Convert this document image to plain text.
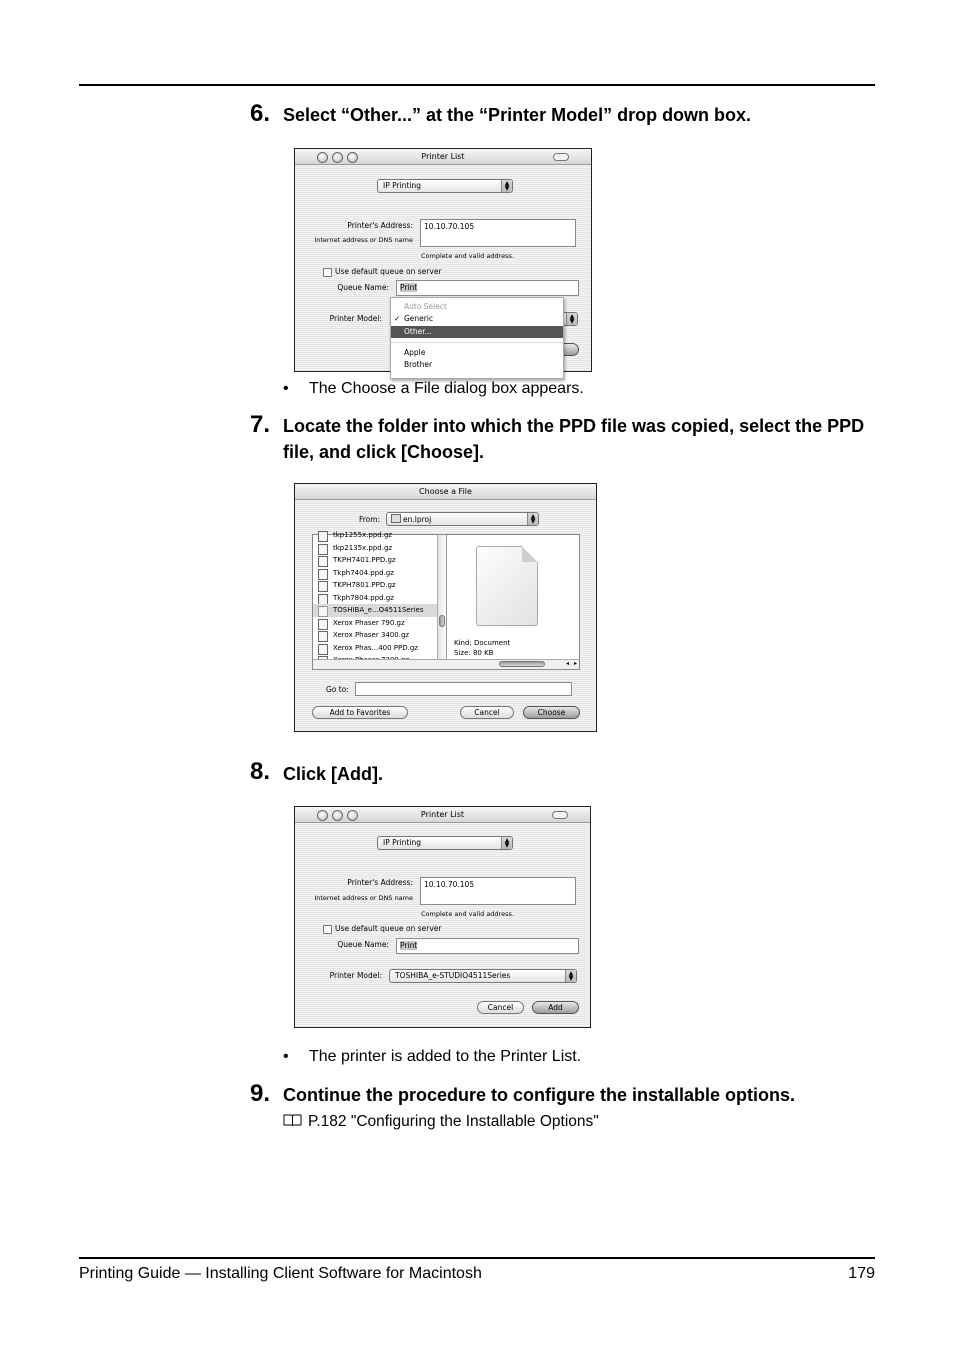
6. Select “Other...” at the “Printer Model” drop down box.
Printer List
IP Printing	▲
▼
Printer's Address:
Internet address or DNS name
10.10.70.105
Complete and valid address.
Use default queue on server
Queue Name: Print
Printer Model:	▲
▼
Auto Select
✓ Generic
Other...
Apple
Brother
• The Choose a File dialog box appears.
7. Locate the folder into which the PPD file was copied, select the PPD file, and click [Choose].
Choose a File
From:	en.lproj	▲
▼
tkp1255x.ppd.gz
tkp2135x.ppd.gz
TKPH7401.PPD.gz
Tkph7404.ppd.gz
TKPH7801.PPD.gz
Tkph7804.ppd.gz
TOSHIBA_e...O4511Series
Xerox Phaser 790.gz
Xerox Phaser 3400.gz
Xerox Phas...400 PPD.gz
Kind: Document
Size: 80 KB
◂ ▸
Go to:
Add to Favorites	Cancel	Choose
8. Click [Add].
Printer List
IP Printing	▲
▼
Printer's Address:
Internet address or DNS name
10.10.70.105
Complete and valid address.
Use default queue on server
Queue Name: Print
Printer Model: TOSHIBA_e-STUDIO4511Series	▲
▼
Cancel	Add
• The printer is added to the Printer List.
9. Continue the procedure to configure the installable options.
P.182 "Configuring the Installable Options"
Printing Guide — Installing Client Software for Macintosh	179
